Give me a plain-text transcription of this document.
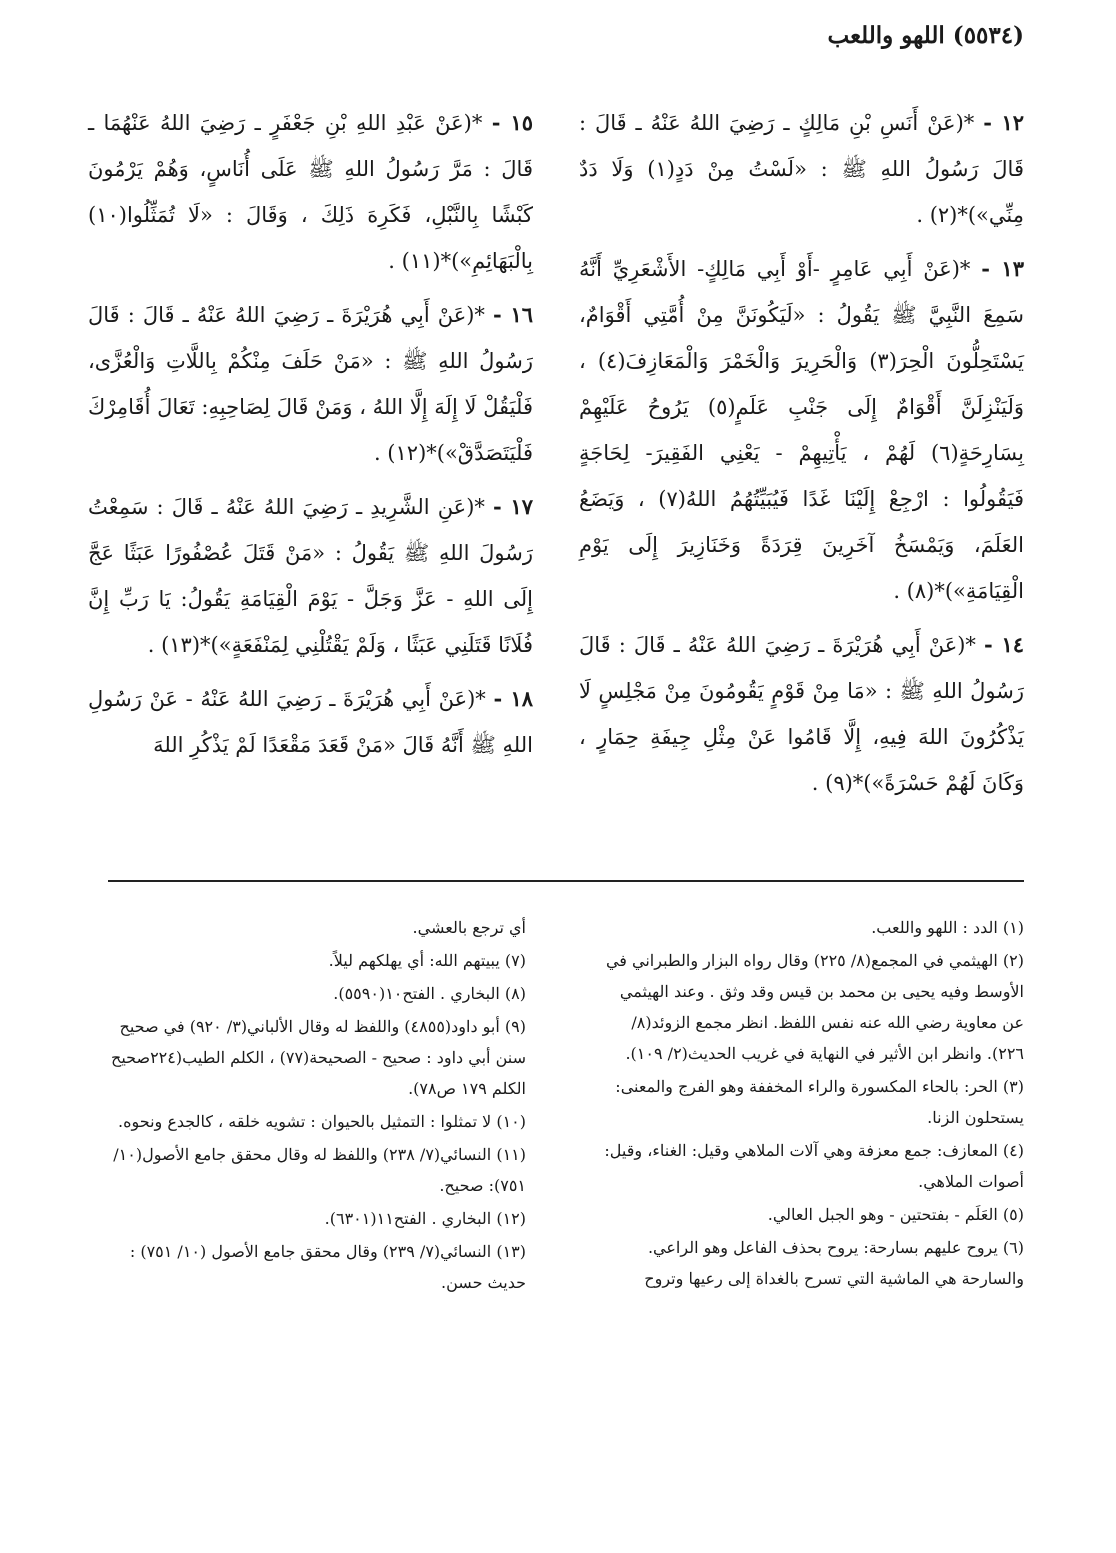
(٥٥٣٤) اللهو واللعب

١٢ - *(عَنْ أَنَسِ بْنِ مَالِكٍ ـ رَضِيَ اللهُ عَنْهُ ـ قَالَ : قَالَ رَسُولُ اللهِ ﷺ : «لَسْتُ مِنْ دَدٍ(١) وَلَا دَدٌ مِنِّي»)*(٢) .

١٣ - *(عَنْ أَبِي عَامِرٍ -أَوْ أَبِي مَالِكٍ- الأَشْعَرِيِّ أَنَّهُ سَمِعَ النَّبِيَّ ﷺ يَقُولُ : «لَيَكُونَنَّ مِنْ أُمَّتِي أَقْوَامٌ، يَسْتَحِلُّونَ الْحِرَ(٣) وَالْحَرِيرَ وَالْخَمْرَ وَالْمَعَازِفَ(٤) ، وَلَيَنْزِلَنَّ أَقْوَامٌ إِلَى جَنْبِ عَلَمٍ(٥) يَرُوحُ عَلَيْهِمْ بِسَارِحَةٍ(٦) لَهُمْ ، يَأْتِيهِمْ - يَعْنِي الفَقِيرَ- لِحَاجَةٍ فَيَقُولُوا : ارْجِعْ إِلَيْنَا غَدًا فَيُبَيِّتُهُمُ اللهُ(٧) ، وَيَضَعُ العَلَمَ، وَيَمْسَخُ آخَرِينَ قِرَدَةً وَخَنَازِيرَ إِلَى يَوْمِ الْقِيَامَةِ»)*(٨) .

١٤ - *(عَنْ أَبِي هُرَيْرَةَ ـ رَضِيَ اللهُ عَنْهُ ـ قَالَ : قَالَ رَسُولُ اللهِ ﷺ : «مَا مِنْ قَوْمٍ يَقُومُونَ مِنْ مَجْلِسٍ لَا يَذْكُرُونَ اللهَ فِيهِ، إِلَّا قَامُوا عَنْ مِثْلِ جِيفَةِ حِمَارٍ ، وَكَانَ لَهُمْ حَسْرَةً»)*(٩) .

١٥ - *(عَنْ عَبْدِ اللهِ بْنِ جَعْفَرٍ ـ رَضِيَ اللهُ عَنْهُمَا ـ قَالَ : مَرَّ رَسُولُ اللهِ ﷺ عَلَى أُنَاسٍ، وَهُمْ يَرْمُونَ كَبْشًا بِالنَّبْلِ، فَكَرِهَ ذَلِكَ ، وَقَالَ : «لَا تُمَثِّلُوا(١٠) بِالْبَهَائِمِ»)*(١١) .

١٦ - *(عَنْ أَبِي هُرَيْرَةَ ـ رَضِيَ اللهُ عَنْهُ ـ قَالَ : قَالَ رَسُولُ اللهِ ﷺ : «مَنْ حَلَفَ مِنْكُمْ بِاللَّاتِ وَالْعُزَّى، فَلْيَقُلْ لَا إِلَهَ إِلَّا اللهُ ، وَمَنْ قَالَ لِصَاحِبِهِ: تَعَالَ أُقَامِرْكَ فَلْيَتَصَدَّقْ»)*(١٢) .

١٧ - *(عَنِ الشَّرِيدِ ـ رَضِيَ اللهُ عَنْهُ ـ قَالَ : سَمِعْتُ رَسُولَ اللهِ ﷺ يَقُولُ : «مَنْ قَتَلَ عُصْفُورًا عَبَثًا عَجَّ إِلَى اللهِ - عَزَّ وَجَلَّ - يَوْمَ الْقِيَامَةِ يَقُولُ: يَا رَبِّ إِنَّ فُلَانًا قَتَلَنِي عَبَثًا ، وَلَمْ يَقْتُلْنِي لِمَنْفَعَةٍ»)*(١٣) .

١٨ - *(عَنْ أَبِي هُرَيْرَةَ ـ رَضِيَ اللهُ عَنْهُ - عَنْ رَسُولِ اللهِ ﷺ أَنَّهُ قَالَ «مَنْ قَعَدَ مَقْعَدًا لَمْ يَذْكُرِ اللهَ

(١) الدد : اللهو واللعب.

(٢) الهيثمي في المجمع(٨/ ٢٢٥) وقال رواه البزار والطبراني في الأوسط وفيه يحيى بن محمد بن قيس وقد وثق . وعند الهيثمي عن معاوية رضي الله عنه نفس اللفظ. انظر مجمع الزوئد(٨/ ٢٢٦). وانظر ابن الأثير في النهاية في غريب الحديث(٢/ ١٠٩).

(٣) الحر: بالحاء المكسورة والراء المخففة وهو الفرج والمعنى: يستحلون الزنا.

(٤) المعازف: جمع معزفة وهي آلات الملاهي وقيل: الغناء، وقيل: أصوات الملاهي.

(٥) العَلَم - بفتحتين - وهو الجبل العالي.

(٦) يروح عليهم بسارحة: يروح بحذف الفاعل وهو الراعي. والسارحة هي الماشية التي تسرح بالغداة إلى رعيها وتروح

أي ترجع بالعشي.

(٧) يبيتهم الله: أي يهلكهم ليلاً.

(٨) البخاري . الفتح١٠(٥٥٩٠).

(٩) أبو داود(٤٨٥٥) واللفظ له وقال الألباني(٣/ ٩٢٠) في صحيح سنن أبي داود : صحيح - الصحيحة(٧٧) ، الكلم الطيب(٢٢٤صحيح الكلم ١٧٩ ص٧٨).

(١٠) لا تمثلوا : التمثيل بالحيوان : تشويه خلقه ، كالجدع ونحوه.

(١١) النسائي(٧/ ٢٣٨) واللفظ له وقال محقق جامع الأصول(١٠/ ٧٥١): صحيح.

(١٢) البخاري . الفتح١١(٦٣٠١).

(١٣) النسائي(٧/ ٢٣٩) وقال محقق جامع الأصول (١٠/ ٧٥١) : حديث حسن.
